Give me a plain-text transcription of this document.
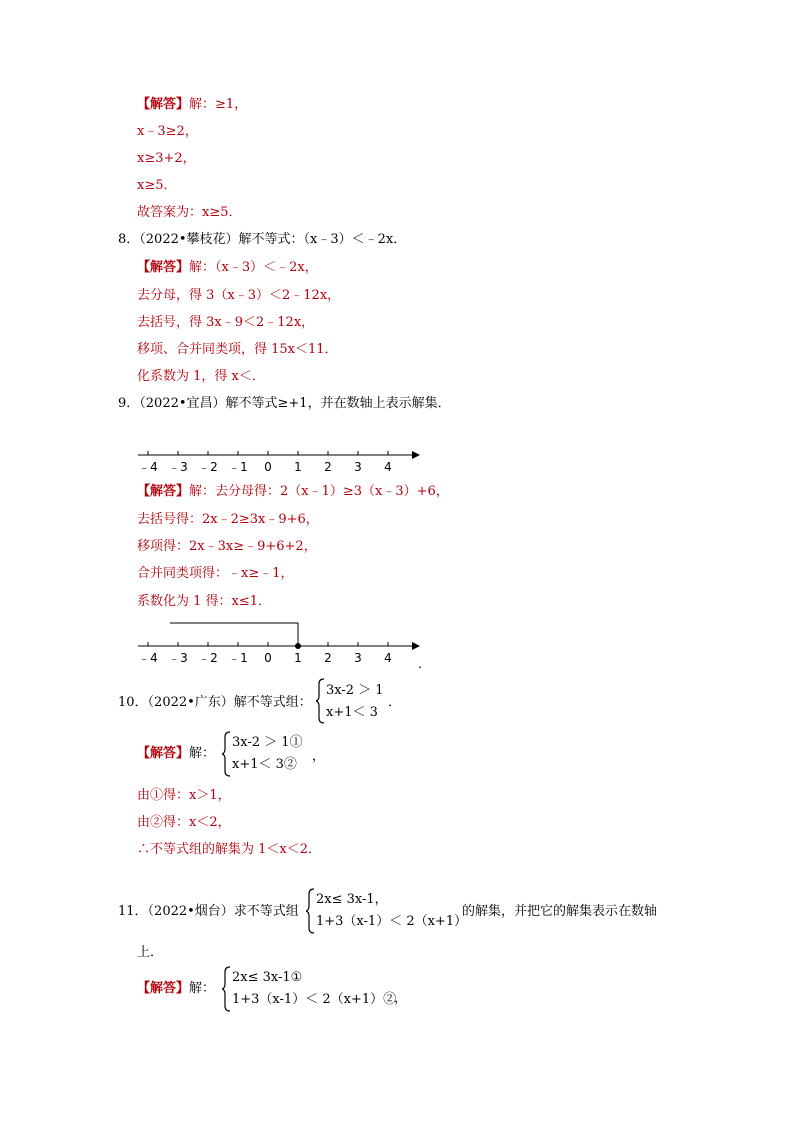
【解答】解：≥1，
x﹣3≥2，
x≥3+2，
x≥5．
故答案为：x≥5．
8．（2022•攀枝花）解不等式：（x﹣3）＜﹣2x．
【解答】解：（x﹣3）＜﹣2x，
去分母，得 3（x﹣3）＜2﹣12x，
去括号，得 3x﹣9＜2﹣12x，
移项、合并同类项，得 15x＜11．
化系数为 1，得 x＜．
9．（2022•宜昌）解不等式≥+1，并在数轴上表示解集．
﹣4 ﹣3 ﹣2 ﹣1 0 1 2 3 4
【解答】解：去分母得：2（x﹣1）≥3（x﹣3）+6，
去括号得：2x﹣2≥3x﹣9+6，
移项得：2x﹣3x≥﹣9+6+2，
合并同类项得：﹣x≥﹣1，
系数化为 1 得：x≤1．
﹣4 ﹣3 ﹣2 ﹣1 0 1 2 3 4 ．
10．（2022•广东）解不等式组：
3x-2 ＞ 1
x+1＜ 3
．
【解答】解：
3x-2 ＞ 1①
x+1＜ 3②
，
由①得：x＞1，
由②得：x＜2，
∴不等式组的解集为 1＜x＜2．
11．（2022•烟台）求不等式组
2x≤ 3x-1，
1+3（x-1）＜ 2（x+1）
的解集，并把它的解集表示在数轴
上．
【解答】解：
2x≤ 3x-1①
1+3（x-1）＜ 2（x+1）②
，
